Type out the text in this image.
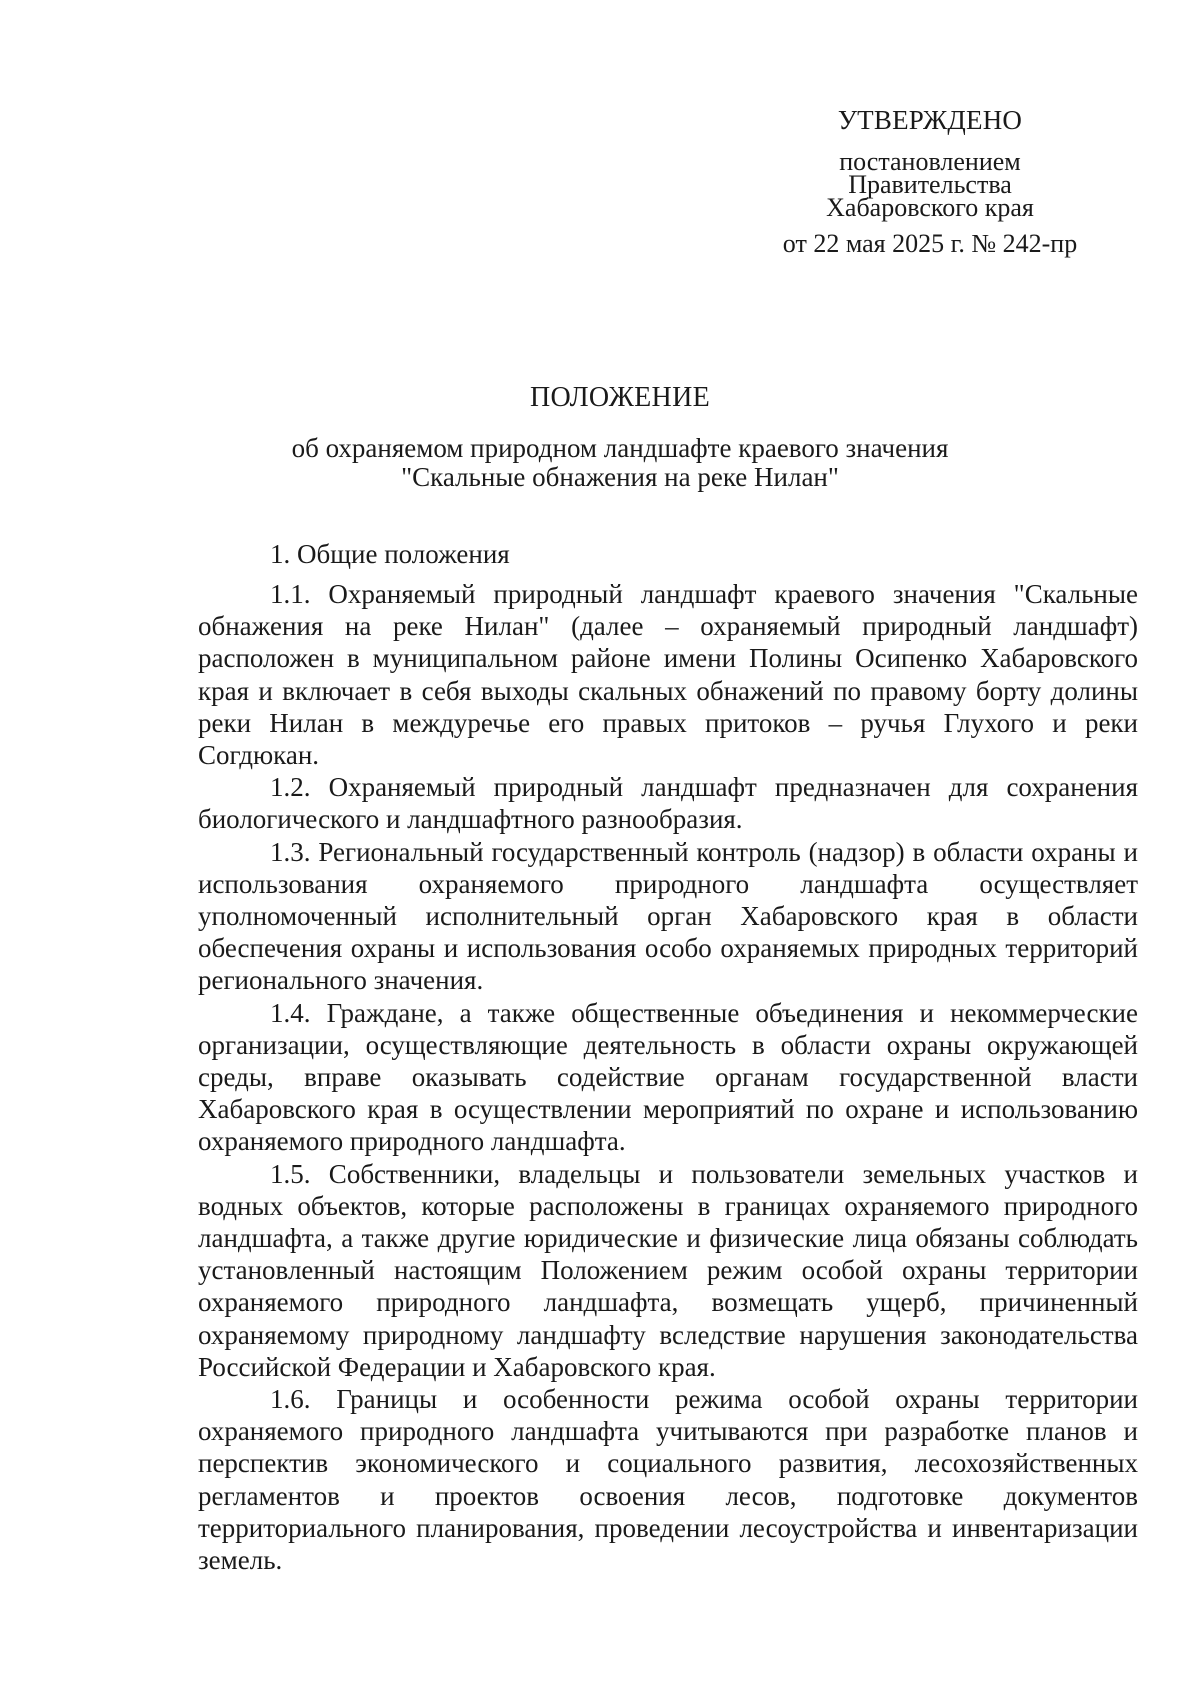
УТВЕРЖДЕНО
постановлением
Правительства
Хабаровского края
от 22 мая 2025 г. № 242-пр
ПОЛОЖЕНИЕ
об охраняемом природном ландшафте краевого значения
"Скальные обнажения на реке Нилан"
1. Общие положения

1.1. Охраняемый природный ландшафт краевого значения "Скальные обнажения на реке Нилан" (далее – охраняемый природный ландшафт) расположен в муниципальном районе имени Полины Осипенко Хабаровского края и включает в себя выходы скальных обнажений по правому борту долины реки Нилан в междуречье его правых притоков – ручья Глухого и реки Согдюкан.

1.2. Охраняемый природный ландшафт предназначен для сохранения биологического и ландшафтного разнообразия.

1.3. Региональный государственный контроль (надзор) в области охраны и использования охраняемого природного ландшафта осуществляет уполномоченный исполнительный орган Хабаровского края в области обеспечения охраны и использования особо охраняемых природных территорий регионального значения.

1.4. Граждане, а также общественные объединения и некоммерческие организации, осуществляющие деятельность в области охраны окружающей среды, вправе оказывать содействие органам государственной власти Хабаровского края в осуществлении мероприятий по охране и использованию охраняемого природного ландшафта.

1.5. Собственники, владельцы и пользователи земельных участков и водных объектов, которые расположены в границах охраняемого природного ландшафта, а также другие юридические и физические лица обязаны соблюдать установленный настоящим Положением режим особой охраны территории охраняемого природного ландшафта, возмещать ущерб, причиненный охраняемому природному ландшафту вследствие нарушения законодательства Российской Федерации и Хабаровского края.

1.6. Границы и особенности режима особой охраны территории охраняемого природного ландшафта учитываются при разработке планов и перспектив экономического и социального развития, лесохозяйственных регламентов и проектов освоения лесов, подготовке документов территориального планирования, проведении лесоустройства и инвентаризации земель.
